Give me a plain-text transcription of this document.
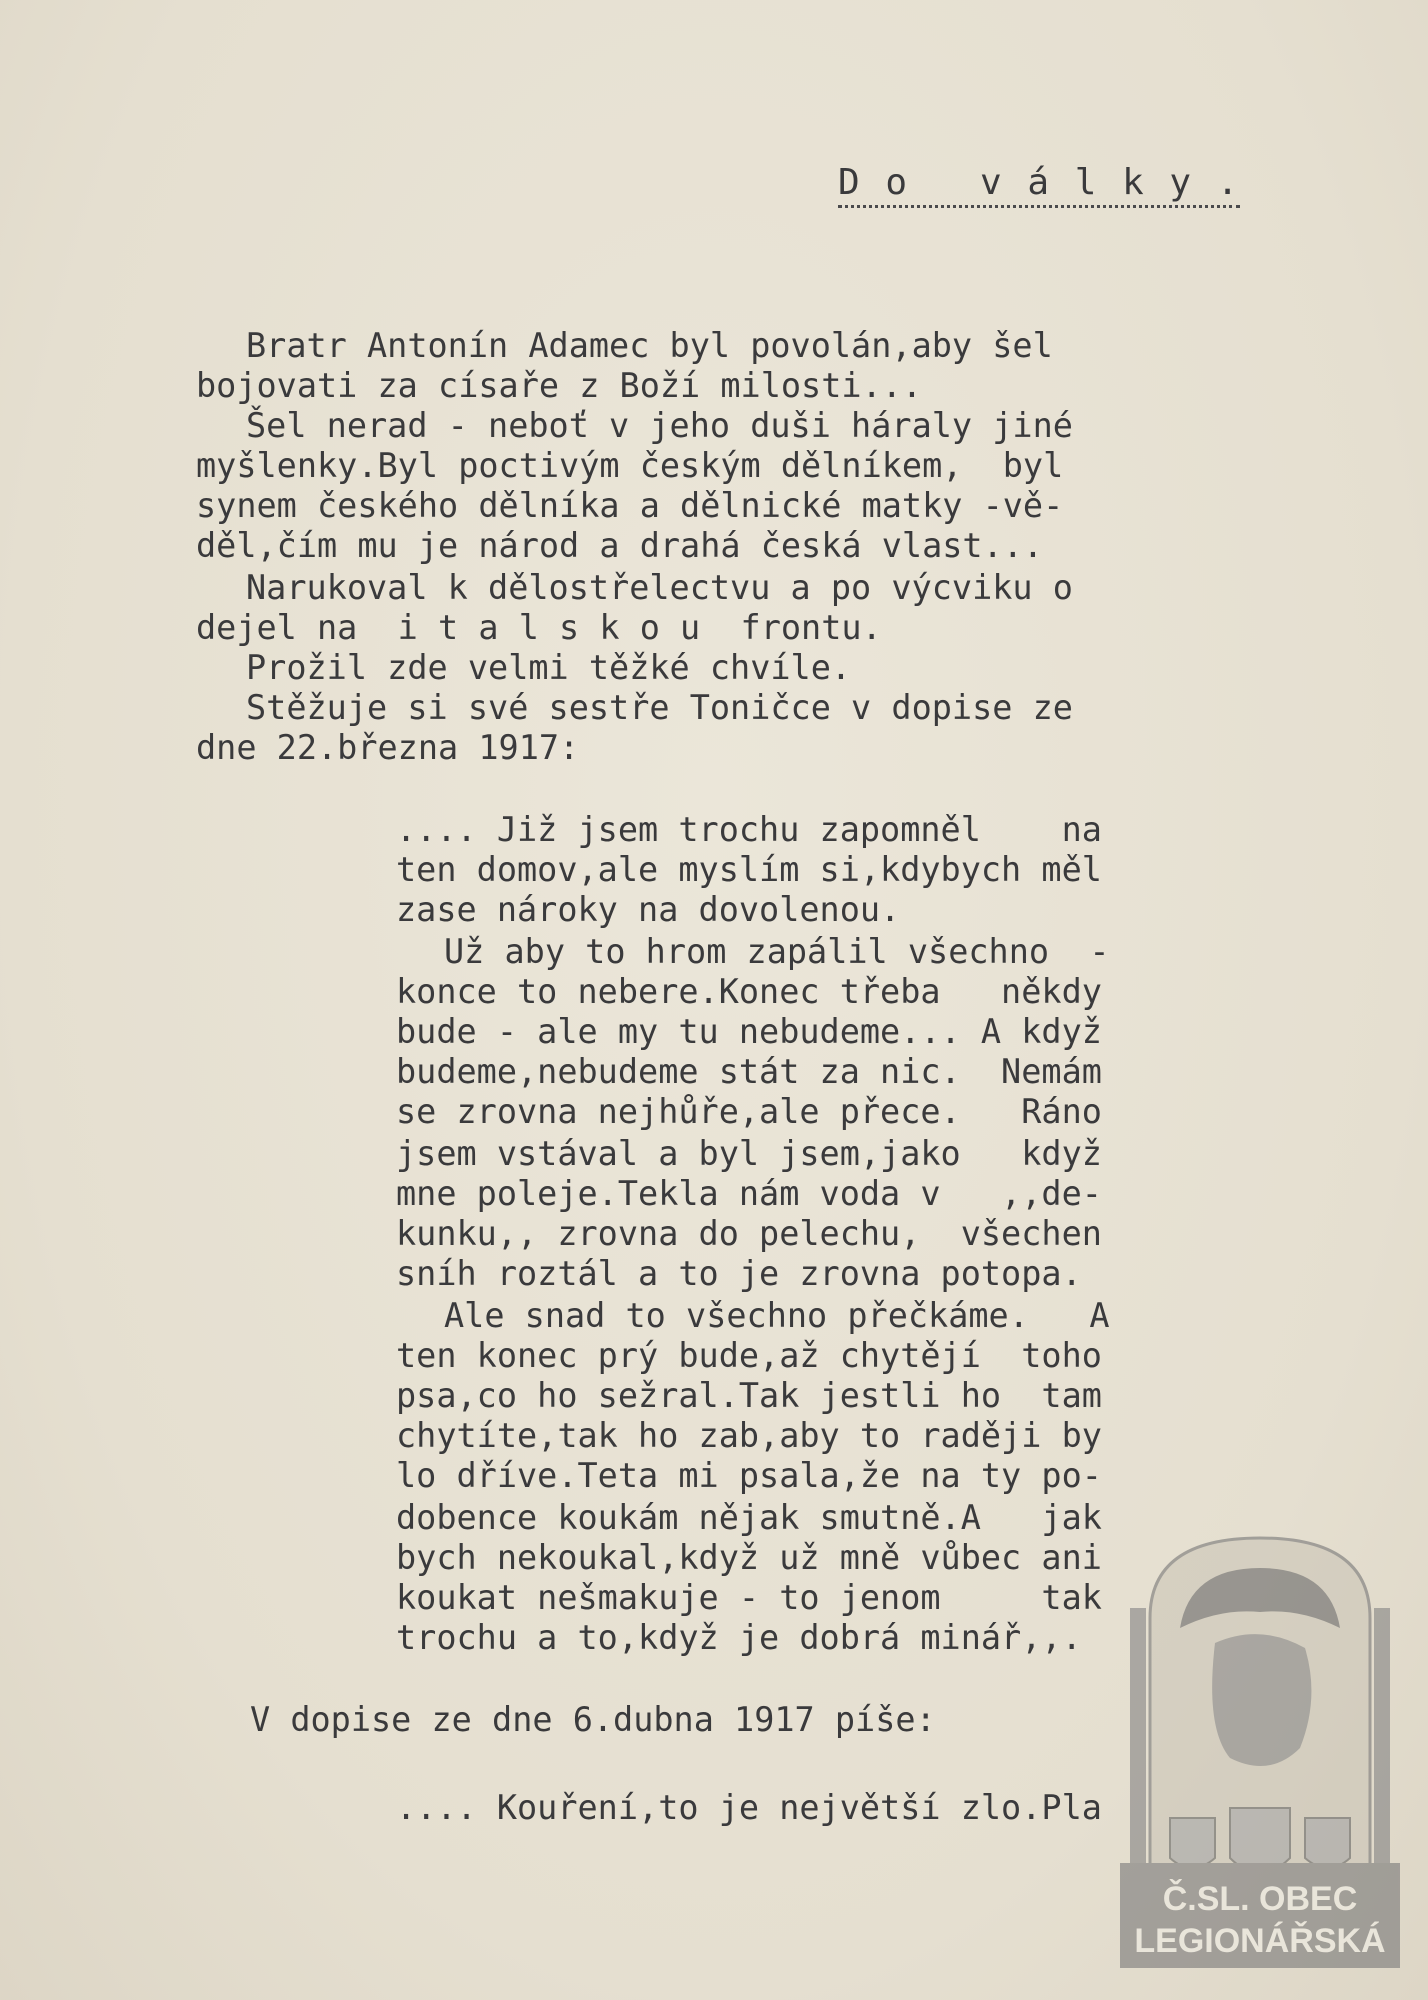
D o   v á l k y .
Bratr Antonín Adamec byl povolán,aby šel
bojovati za císaře z Boží milosti...
Šel nerad - neboť v jeho duši háraly jiné
myšlenky.Byl poctivým českým dělníkem,  byl
synem českého dělníka a dělnické matky -vě-
děl,čím mu je národ a drahá česká vlast...
Narukoval k dělostřelectvu a po výcviku o
dejel na  i t a l s k o u  frontu.
Prožil zde velmi těžké chvíle.
Stěžuje si své sestře Toničce v dopise ze
dne 22.března 1917:
.... Již jsem trochu zapomněl    na
ten domov,ale myslím si,kdybych měl
zase nároky na dovolenou.
Už aby to hrom zapálil všechno  -
konce to nebere.Konec třeba   někdy
bude - ale my tu nebudeme... A když
budeme,nebudeme stát za nic.  Nemám
se zrovna nejhůře,ale přece.   Ráno
jsem vstával a byl jsem,jako   když
mne poleje.Tekla nám voda v   ,,de-
kunku,, zrovna do pelechu,  všechen
sníh roztál a to je zrovna potopa.
Ale snad to všechno přečkáme.   A
ten konec prý bude,až chytějí  toho
psa,co ho sežral.Tak jestli ho  tam
chytíte,tak ho zab,aby to raději by
lo dříve.Teta mi psala,že na ty po-
dobence koukám nějak smutně.A   jak
bych nekoukal,když už mně vůbec ani
koukat nešmakuje - to jenom     tak
trochu a to,když je dobrá minář,,.
V dopise ze dne 6.dubna 1917 píše:
.... Kouření,to je největší zlo.Pla
Č.SL. OBEC
LEGIONÁŘSKÁ
